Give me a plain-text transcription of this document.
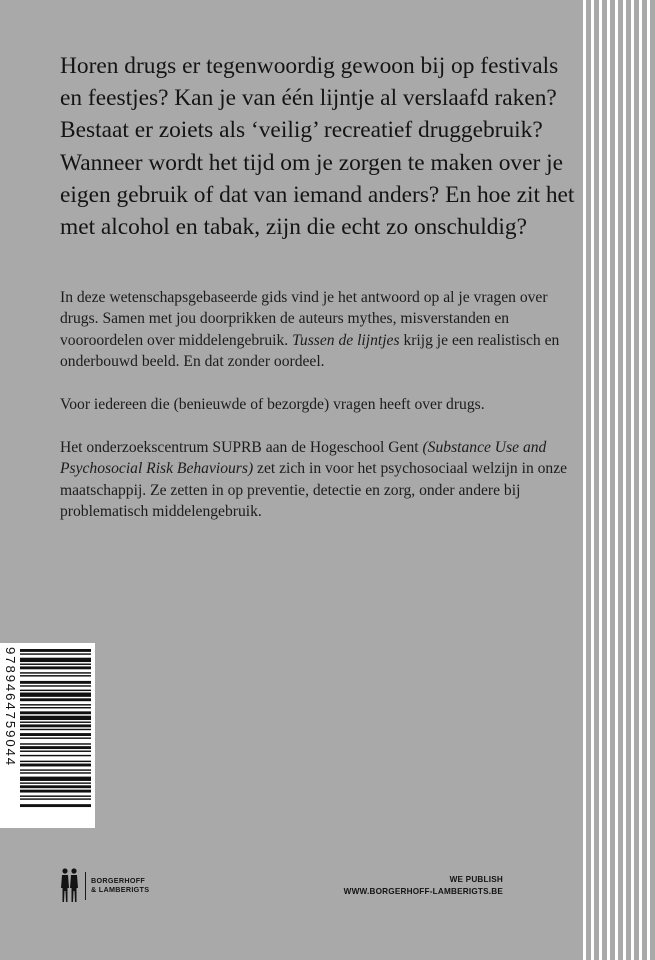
Horen drugs er tegenwoordig gewoon bij op festivals en feestjes? Kan je van één lijntje al verslaafd raken? Bestaat er zoiets als ‘veilig’ recreatief druggebruik? Wanneer wordt het tijd om je zorgen te maken over je eigen gebruik of dat van iemand anders? En hoe zit het met alcohol en tabak, zijn die echt zo onschuldig?

In deze wetenschapsgebaseerde gids vind je het antwoord op al je vragen over drugs. Samen met jou doorprikken de auteurs mythes, misverstanden en vooroordelen over middelengebruik. Tussen de lijntjes krijg je een realistisch en onderbouwd beeld. En dat zonder oordeel.

Voor iedereen die (benieuwde of bezorgde) vragen heeft over drugs.

Het onderzoekscentrum SUPRB aan de Hogeschool Gent (Substance Use and Psychosocial Risk Behaviours) zet zich in voor het psychosociaal welzijn in onze maatschappij. Ze zetten in op preventie, detectie en zorg, onder andere bij problematisch middelengebruik.

9789464759044
BORGERHOFF
& LAMBERIGTS
WE PUBLISH
WWW.BORGERHOFF-LAMBERIGTS.BE
